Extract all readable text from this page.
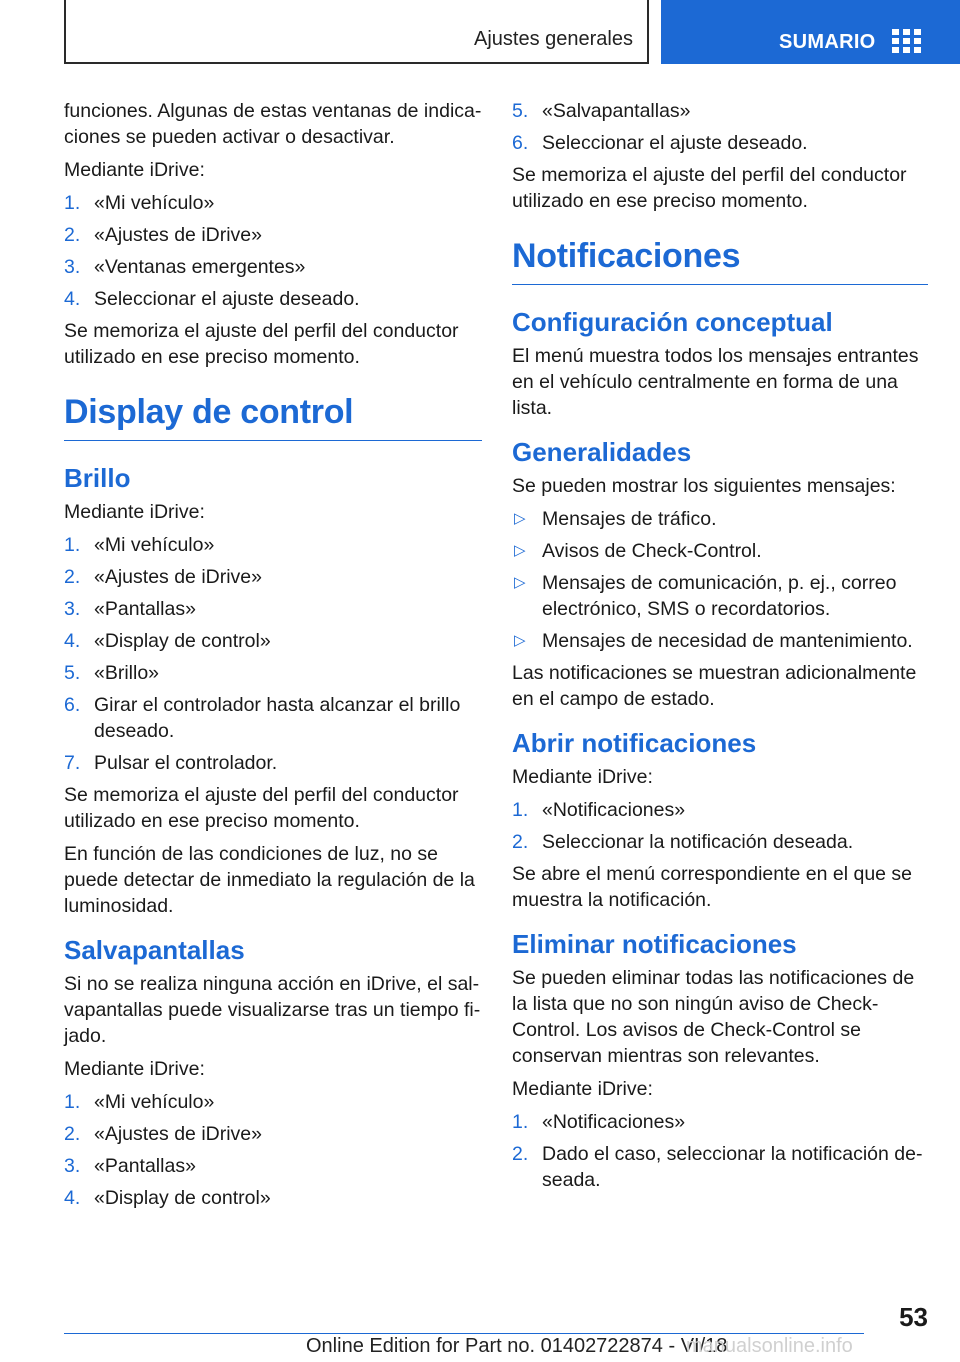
Ajustes generales	SUMARIO

funciones. Algunas de estas ventanas de indicaciones se pueden activar o desactivar.

Mediante iDrive:

1. «Mi vehículo»
2. «Ajustes de iDrive»
3. «Ventanas emergentes»
4. Seleccionar el ajuste deseado.

Se memoriza el ajuste del perfil del conductor utilizado en ese preciso momento.

Display de control
Brillo

Mediante iDrive:

1. «Mi vehículo»
2. «Ajustes de iDrive»
3. «Pantallas»
4. «Display de control»
5. «Brillo»
6. Girar el controlador hasta alcanzar el brillo deseado.
7. Pulsar el controlador.

Se memoriza el ajuste del perfil del conductor utilizado en ese preciso momento.

En función de las condiciones de luz, no se puede detectar de inmediato la regulación de la luminosidad.

Salvapantallas

Si no se realiza ninguna acción en iDrive, el salvapantallas puede visualizarse tras un tiempo fijado.

Mediante iDrive:

1. «Mi vehículo»
2. «Ajustes de iDrive»
3. «Pantallas»
4. «Display de control»
5. «Salvapantallas»
6. Seleccionar el ajuste deseado.

Se memoriza el ajuste del perfil del conductor utilizado en ese preciso momento.

Notificaciones
Configuración conceptual

El menú muestra todos los mensajes entrantes en el vehículo centralmente en forma de una lista.

Generalidades

Se pueden mostrar los siguientes mensajes:

▷ Mensajes de tráfico.
▷ Avisos de Check-Control.
▷ Mensajes de comunicación, p. ej., correo electrónico, SMS o recordatorios.
▷ Mensajes de necesidad de mantenimiento.

Las notificaciones se muestran adicionalmente en el campo de estado.

Abrir notificaciones

Mediante iDrive:

1. «Notificaciones»
2. Seleccionar la notificación deseada.

Se abre el menú correspondiente en el que se muestra la notificación.

Eliminar notificaciones

Se pueden eliminar todas las notificaciones de la lista que no son ningún aviso de Check-Control. Los avisos de Check-Control se conservan mientras son relevantes.

Mediante iDrive:

1. «Notificaciones»
2. Dado el caso, seleccionar la notificación deseada.
53
Online Edition for Part no. 01402722874 - VI/18
manualsonline.info
